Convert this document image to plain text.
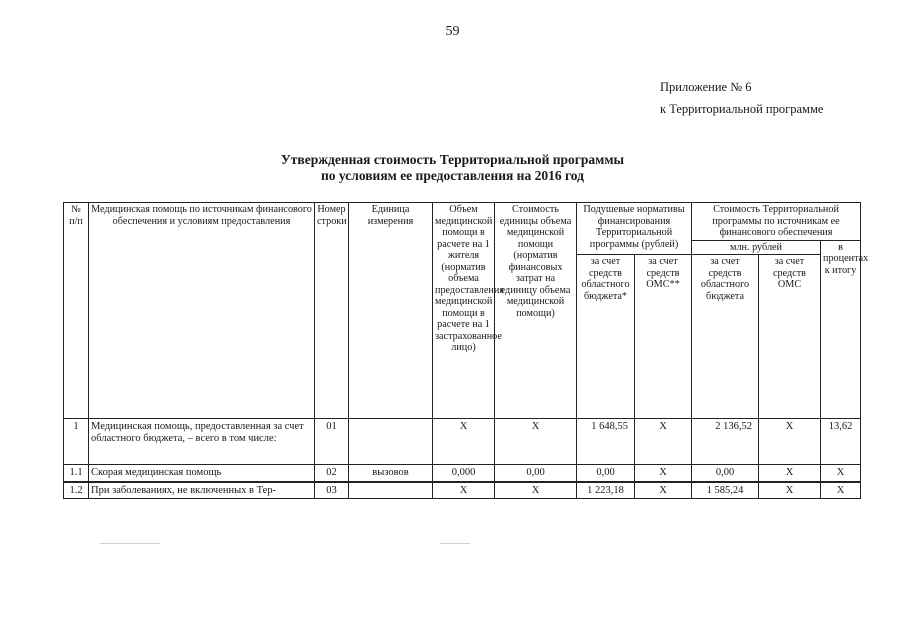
59
Приложение № 6
к Территориальной программе
Утвержденная стоимость Территориальной программы
по условиям ее предоставления на 2016 год
№ п/п	Медицинская помощь по источникам финансового обеспечения и условиям предоставления	Номер строки	Единица измерения	Объем медицинской помощи в расчете на 1 жителя (норматив объема предоставления медицинской помощи в расчете на 1 застрахованное лицо)	Стоимость единицы объема медицинской помощи (норматив финансовых затрат на единицу объема медицинской помощи)	Подушевые нормативы финансирования Территориальной программы (рублей)		Стоимость Территориальной программы по источникам ее финансового обеспечения		
								млн. рублей		в процентах к итогу
						за счет средств областного бюджета*	за счет средств ОМС**	за счет средств областного бюджета	за счет средств ОМС	
1	Медицинская помощь, предоставленная за счет областного бюджета, – всего в том числе:	01		Х	Х	1 648,55	Х	2 136,52	Х	13,62
1.1	Скорая медицинская помощь	02	вызовов	0,000	0,00	0,00	Х	0,00	Х	Х
1.2	При заболеваниях, не включенных в Тер-	03		Х	Х	1 223,18	Х	1 585,24	Х	Х
